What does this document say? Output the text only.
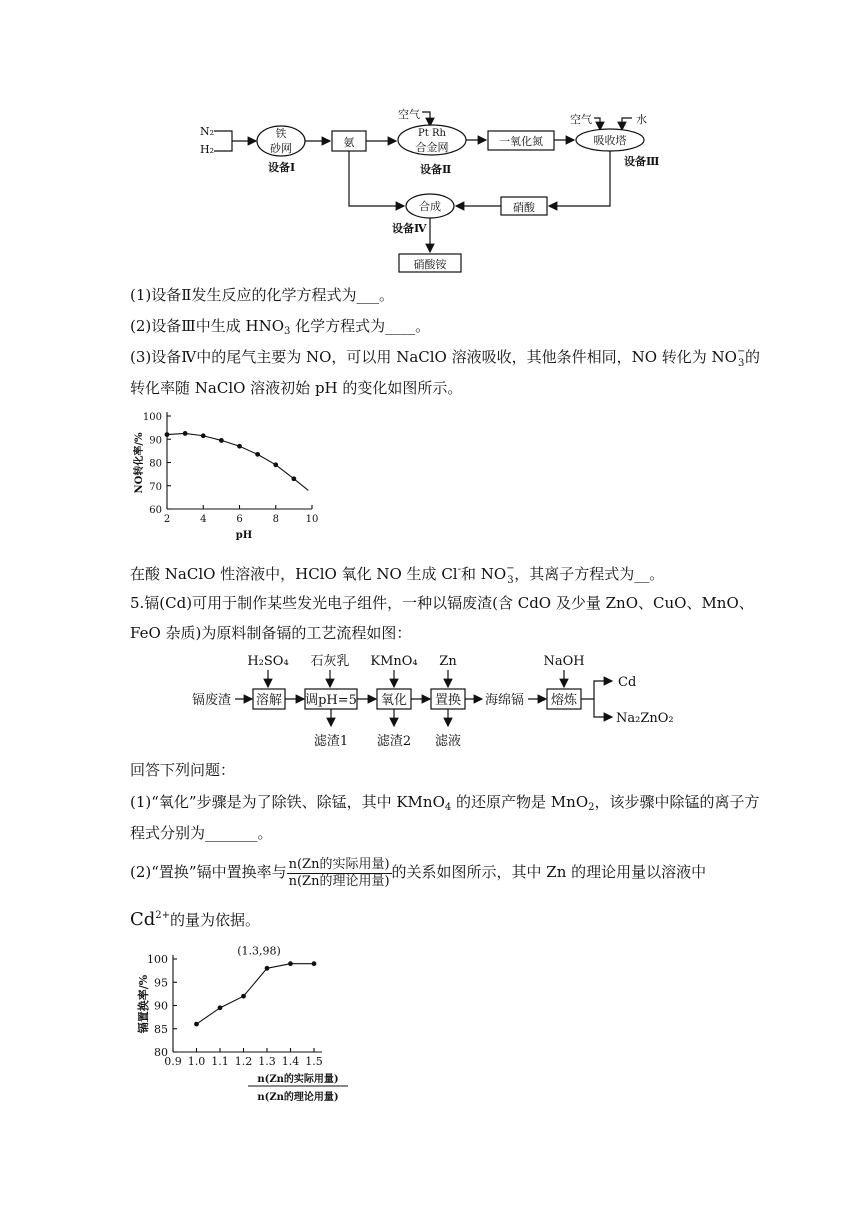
N₂
H₂
铁
砂网
设备Ⅰ
氨
空气
Pt Rh
合金网
设备Ⅱ
一氧化氮
空气	水
吸收塔
设备Ⅲ
硝酸
合成
设备Ⅳ
硝酸铵
(1)设备Ⅱ发生反应的化学方程式为___。
(2)设备Ⅲ中生成 $HNO_3$ 化学方程式为____。
(3)设备Ⅳ中的尾气主要为 NO，可以用 NaClO 溶液吸收，其他条件相同，NO 转化为 NO −
3 的
转化率随 NaClO 溶液初始 pH 的变化如图所示。
60
70
80
90
100
2	4	6	8	10
pH
NO转化率/%
在酸 NaClO 性溶液中，HClO 氧化 NO 生成 Cl-和 NO −
3 ，其离子方程式为__。
5.镉(Cd)可用于制作某些发光电子组件，一种以镉废渣(含 CdO 及少量 ZnO、CuO、MnO、
FeO 杂质)为原料制备镉的工艺流程如图：
H₂SO₄ 石灰乳 KMnO₄ Zn	NaOH
镉废渣 溶解 调pH=5 氧化 置换 海绵镉 熔炼
Cd
Na₂ZnO₂
滤渣1 滤渣2 滤液
回答下列问题：
(1)“氧化”步骤是为了除铁、除锰，其中 KMnO$_4$ 的还原产物是 MnO$_2$，该步骤中除锰的离子方
程式分别为_______。
(2)“置换”镉中置换率与 $\frac{\text{n(Zn的实际用量)}}{\text{n(Zn的理论用量)}}$ 的关系如图所示，其中 Zn 的理论用量以溶液中
$Cd^{2+}$的量为依据。
80
85
90
95
100
0.9 1.0 1.1 1.2 1.3 1.4 1.5
(1.3,98)
镉置换率/%
n(Zn的实际用量)
n(Zn的理论用量)
